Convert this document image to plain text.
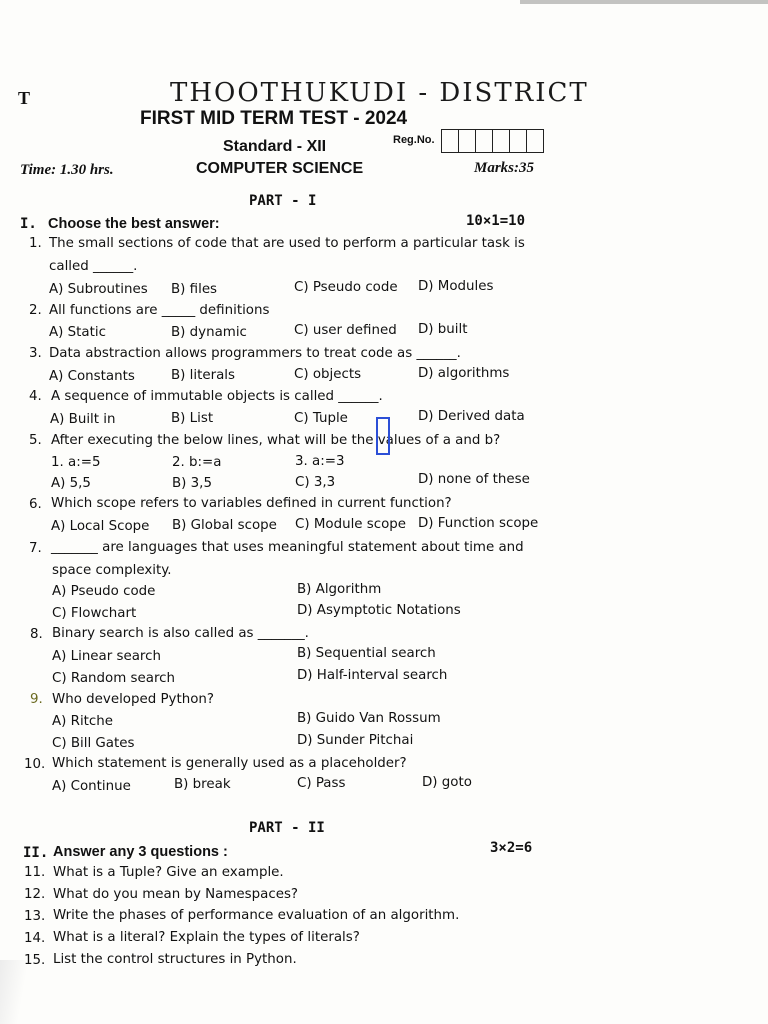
T	THOOTHUKUDI - DISTRICT
FIRST MID TERM TEST - 2024
Standard - XII	Reg.No.
Time: 1.30 hrs.	COMPUTER SCIENCE	Marks:35
PART - I
I. Choose the best answer:	10×1=10
1. The small sections of code that are used to perform a particular task is
called ______.
A) Subroutines B) files	C) Pseudo code D) Modules
2. All functions are _____ definitions
A) Static	B) dynamic	C) user defined D) built
3. Data abstraction allows programmers to treat code as ______.
A) Constants	B) literals	C) objects	D) algorithms
4. A sequence of immutable objects is called ______.
A) Built in	B) List	C) Tuple	D) Derived data
5. After executing the below lines, what will be the values of a and b?
1. a:=5	2. b:=a	3. a:=3
A) 5,5	B) 3,5	C) 3,3	D) none of these
6. Which scope refers to variables defined in current function?
A) Local Scope B) Global scope C) Module scope D) Function scope
7. _______ are languages that uses meaningful statement about time and
space complexity.
A) Pseudo code	B) Algorithm
C) Flowchart	D) Asymptotic Notations
8. Binary search is also called as _______.
A) Linear search	B) Sequential search
C) Random search	D) Half-interval search
9. Who developed Python?
A) Ritche	B) Guido Van Rossum
C) Bill Gates	D) Sunder Pitchai
10. Which statement is generally used as a placeholder?
A) Continue	B) break	C) Pass	D) goto
PART - II
II. Answer any 3 questions :	3×2=6
11. What is a Tuple? Give an example.
12. What do you mean by Namespaces?
13. Write the phases of performance evaluation of an algorithm.
14. What is a literal? Explain the types of literals?
15. List the control structures in Python.
